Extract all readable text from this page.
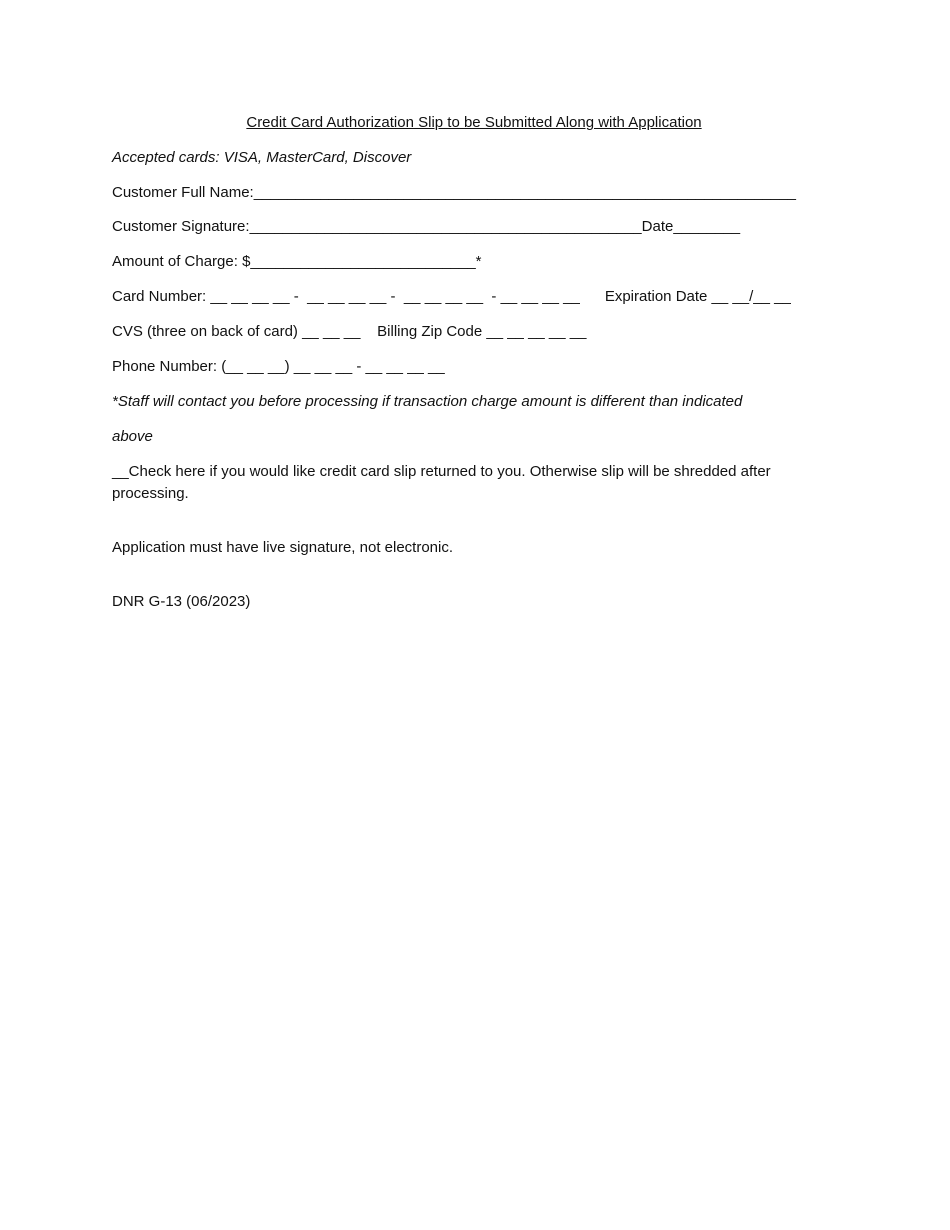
Credit Card Authorization Slip to be Submitted Along with Application
Accepted cards: VISA, MasterCard, Discover
Customer Full Name:_________________________________________________________________
Customer Signature:_______________________________________________Date________
Amount of Charge: $___________________________*
Card Number: __ __ __ __ -  __ __ __ __ -  __ __ __ __  - __ __ __ __      Expiration Date __ __/__ __
CVS (three on back of card) __ __ __    Billing Zip Code __ __ __ __ __
Phone Number: (__ __ __) __ __ __ - __ __ __ __
*Staff will contact you before processing if transaction charge amount is different than indicated
above
__Check here if you would like credit card slip returned to you. Otherwise slip will be shredded after processing.
Application must have live signature, not electronic.
DNR G-13 (06/2023)
